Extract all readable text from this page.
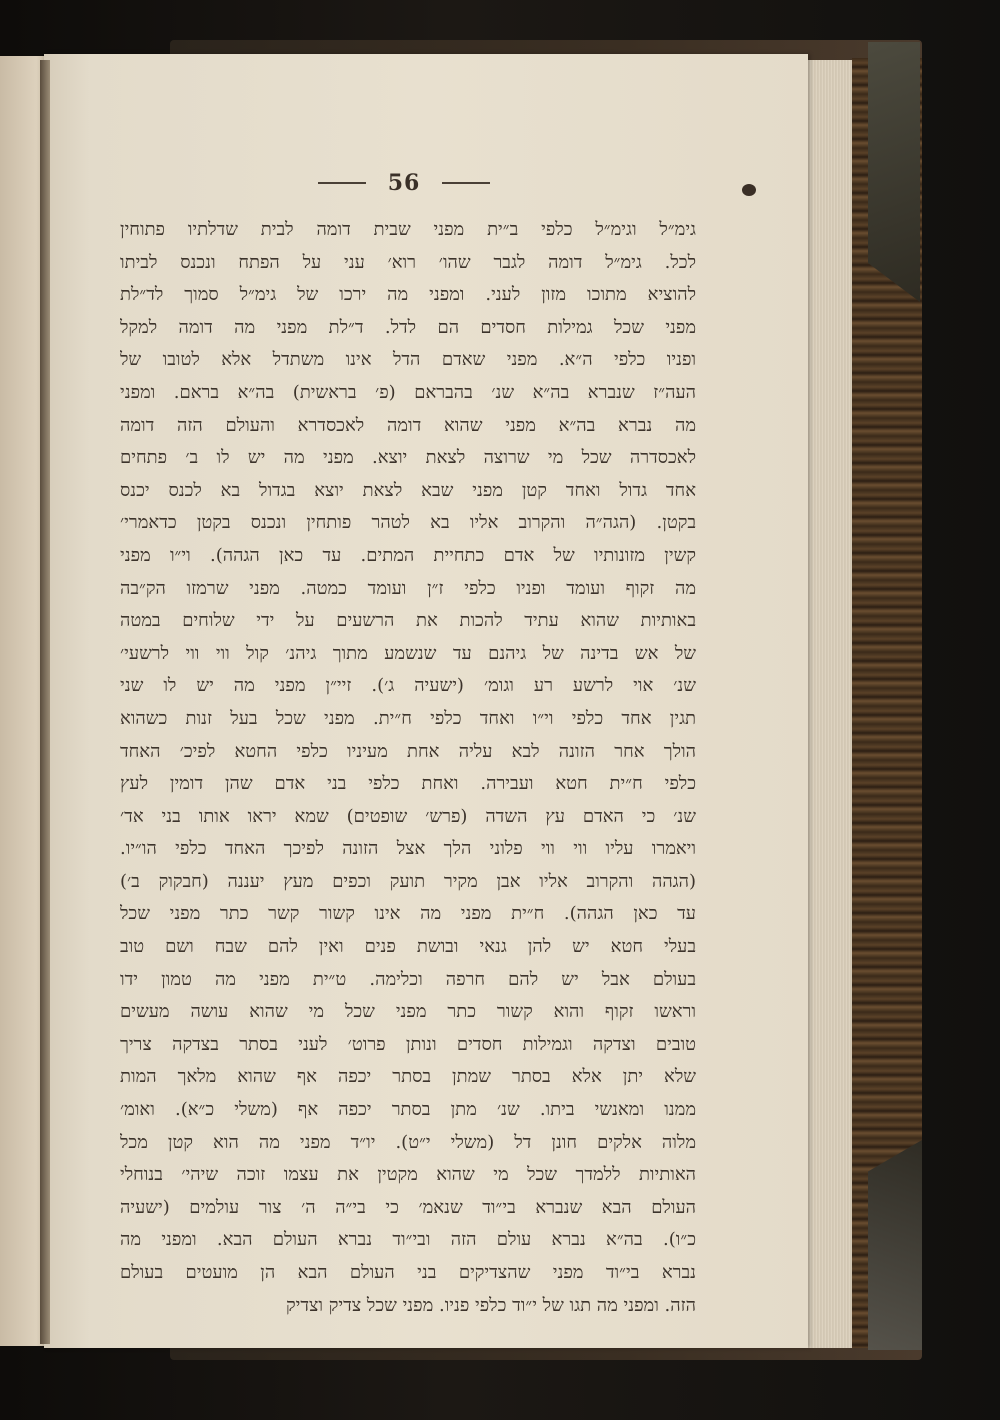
56
גימ״ל וגימ״ל כלפי ב״ית מפני שבית דומה לבית שדלתיו פתוחין
לכל. גימ״ל דומה לגבר שהו׳ רוא׳ עני על הפתח ונכנס לביתו
להוציא מתוכו מזון לעני. ומפני מה ירכו של גימ״ל סמוך לד״לת
מפני שכל גמילות חסדים הם לדל. ד״לת מפני מה דומה למקל
ופניו כלפי ה״א. מפני שאדם הדל אינו משתדל אלא לטובו של
העה״ז שנברא בה״א שנ׳ בהבראם (פ׳ בראשית) בה״א בראם. ומפני
מה נברא בה״א מפני שהוא דומה לאכסדרא והעולם הזה דומה
לאכסדרה שכל מי שרוצה לצאת יוצא. מפני מה יש לו ב׳ פתחים
אחד גדול ואחד קטן מפני שבא לצאת יוצא בגדול בא לכנס יכנס
בקטן. (הגה״ה והקרוב אליו בא לטהר פותחין ונכנס בקטן כדאמרי׳
קשין מזונותיו של אדם כתחיית המתים. עד כאן הגהה). וי״ו מפני
מה זקוף ועומד ופניו כלפי ז״ן ועומד כמטה. מפני שרמזו הק״בה
באותיות שהוא עתיד להכות את הרשעים על ידי שלוחים במטה
של אש בדינה של גיהנם עד שנשמע מתוך גיהנ׳ קול ווי ווי לרשעי׳
שנ׳ אוי לרשע רע וגומ׳ (ישעיה ג׳). זיי״ן מפני מה יש לו שני
תגין אחד כלפי וי״ו ואחד כלפי ח״ית. מפני שכל בעל זנות כשהוא
הולך אחר הזונה לבא עליה אחת מעיניו כלפי החטא לפיכ׳ האחד
כלפי ח״ית חטא ועבירה. ואחת כלפי בני אדם שהן דומין לעץ
שנ׳ כי האדם עץ השדה (פרש׳ שופטים) שמא יראו אותו בני אד׳
ויאמרו עליו ווי ווי פלוני הלך אצל הזונה לפיכך האחד כלפי הו״יו.
(הגהה והקרוב אליו אבן מקיר תועק וכפים מעץ יעננה (חבקוק ב׳)
עד כאן הגהה). ח״ית מפני מה אינו קשור קשר כתר מפני שכל
בעלי חטא יש להן גנאי ובושת פנים ואין להם שבח ושם טוב
בעולם אבל יש להם חרפה וכלימה. ט״ית מפני מה טמון ידו
וראשו זקוף והוא קשור כתר מפני שכל מי שהוא עושה מעשים
טובים וצדקה וגמילות חסדים ונותן פרוט׳ לעני בסתר בצדקה צריך
שלא יתן אלא בסתר שמתן בסתר יכפה אף שהוא מלאך המות
ממנו ומאנשי ביתו. שנ׳ מתן בסתר יכפה אף (משלי כ״א). ואומ׳
מלוה אלקים חונן דל (משלי י״ט). יו״ד מפני מה הוא קטן מכל
האותיות ללמדך שכל מי שהוא מקטין את עצמו זוכה שיהי׳ בנוחלי
העולם הבא שנברא בי״וד שנאמ׳ כי בי״ה ה׳ צור עולמים (ישעיה
כ״ו). בה״א נברא עולם הזה ובי״וד נברא העולם הבא. ומפני מה
נברא בי״וד מפני שהצדיקים בני העולם הבא הן מועטים בעולם
הזה. ומפני מה תגו של י״וד כלפי פניו. מפני שכל צדיק וצדיק
